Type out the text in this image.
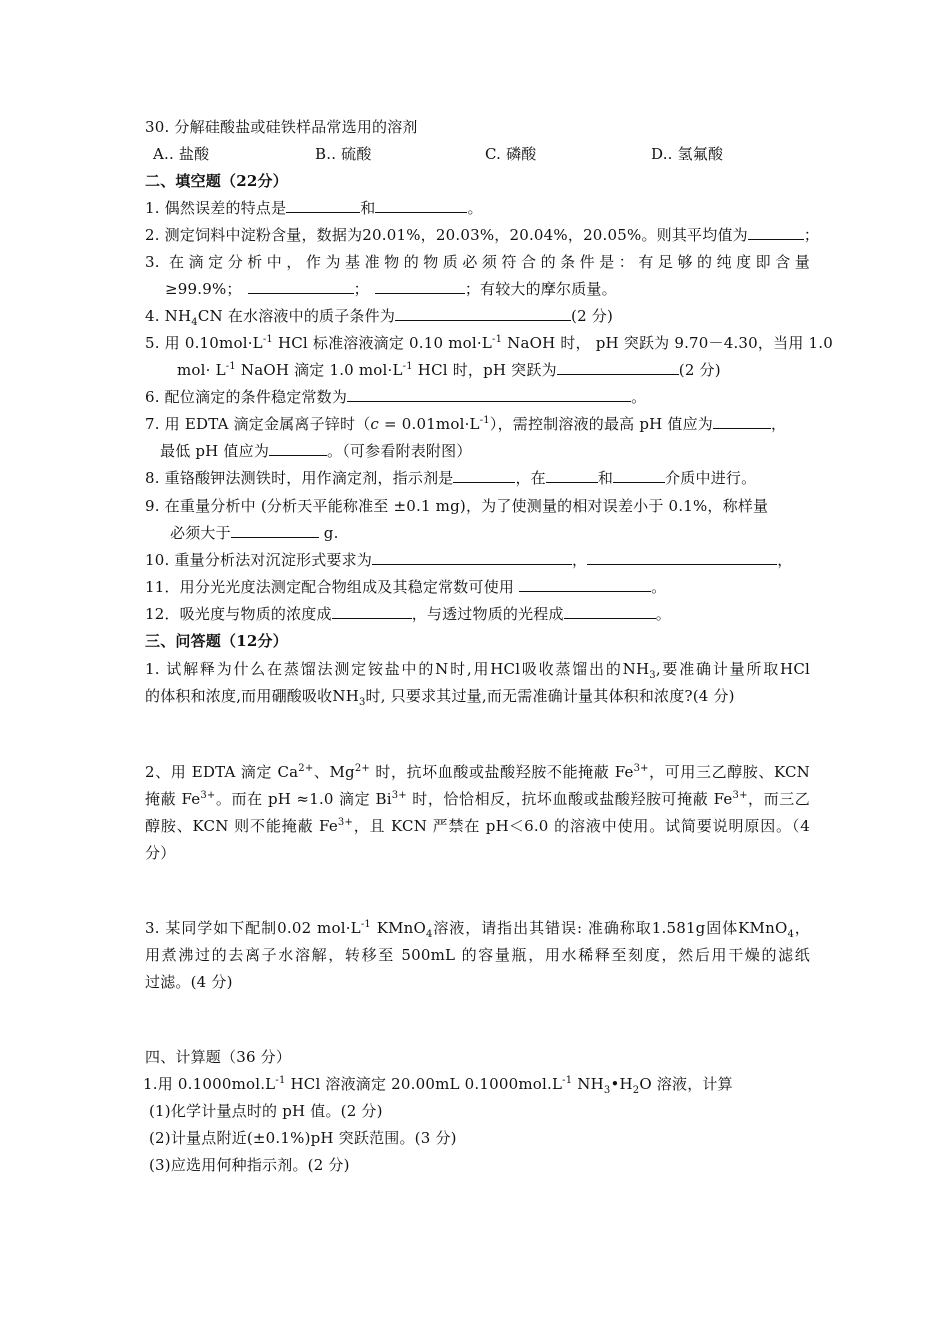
30. 分解硅酸盐或硅铁样品常选用的溶剂
A.. 盐酸	B.. 硫酸	C. 磷酸	D.. 氢氟酸
二、填空题（22分）
1. 偶然误差的特点是	和	。
2. 测定饲料中淀粉含量，数据为20.01%，20.03%，20.04%，20.05%。则其平均值为	；
3. 在滴定分析中，作为基准物的物质必须符合的条件是：有足够的纯度即含量
≥99.9%；	；	；有较大的摩尔质量。
4. $NH_4CN$ 在水溶液中的质子条件为	(2 分)
5. 用 $0.10mol\cdot L^{-1}$ HCl 标准溶液滴定 0.10 $mol\cdot L^{-1}$ NaOH 时， pH 突跃为 9.70－4.30，当用 1.0
$mol\cdot L^{-1}$ NaOH 滴定 1.0 $mol\cdot L^{-1}$ HCl 时，pH 突跃为	(2 分)
6. 配位滴定的条件稳定常数为	。
7. 用 EDTA 滴定金属离子锌时$(c = 0.01mol\cdot L^{-1})$，需控制溶液的最高 pH 值应为	，
最低 pH 值应为	。（可参看附表附图）
8. 重铬酸钾法测铁时，用作滴定剂，指示剂是	，在	和	介质中进行。
9. 在重量分析中 (分析天平能称准至 ±0.1 mg)，为了使测量的相对误差小于 0.1%，称样量
必须大于	g.
10. 重量分析法对沉淀形式要求为	，	，
11．用分光光度法测定配合物组成及其稳定常数可使用	。
12．吸光度与物质的浓度成	，与透过物质的光程成	。
三、问答题（12分）
1. 试解释为什么在蒸馏法测定铵盐中的N时,用HCl吸收蒸馏出的$NH_3$,要准确计量所取HCl
的体积和浓度,而用硼酸吸收$NH_3$时, 只要求其过量,而无需准确计量其体积和浓度?(4 分)
2、用 EDTA 滴定 $Ca^{2+}$、$Mg^{2+}$ 时，抗坏血酸或盐酸羟胺不能掩蔽 $Fe^{3+}$，可用三乙醇胺、KCN
掩蔽 $Fe^{3+}$。而在 pH ≈1.0 滴定 $Bi^{3+}$ 时，恰恰相反，抗坏血酸或盐酸羟胺可掩蔽 $Fe^{3+}$，而三乙
醇胺、KCN 则不能掩蔽 $Fe^{3+}$，且 KCN 严禁在 pH＜6.0 的溶液中使用。试简要说明原因。（4
分）
3. 某同学如下配制0.02 $mol\cdot L^{-1}$ KMnO$_4$溶液，请指出其错误: 准确称取1.581g固体KMnO$_4$，
用煮沸过的去离子水溶解，转移至 500mL 的容量瓶，用水稀释至刻度，然后用干燥的滤纸
过滤。(4 分)
四、计算题（36 分）
1.用 $0.1000mol.L^{-1}$ HCl 溶液滴定 20.00mL $0.1000mol.L^{-1}$ $NH_3•H_2O$ 溶液，计算
(1)化学计量点时的 pH 值。(2 分)
(2)计量点附近(±0.1%)pH 突跃范围。(3 分)
(3)应选用何种指示剂。(2 分)
